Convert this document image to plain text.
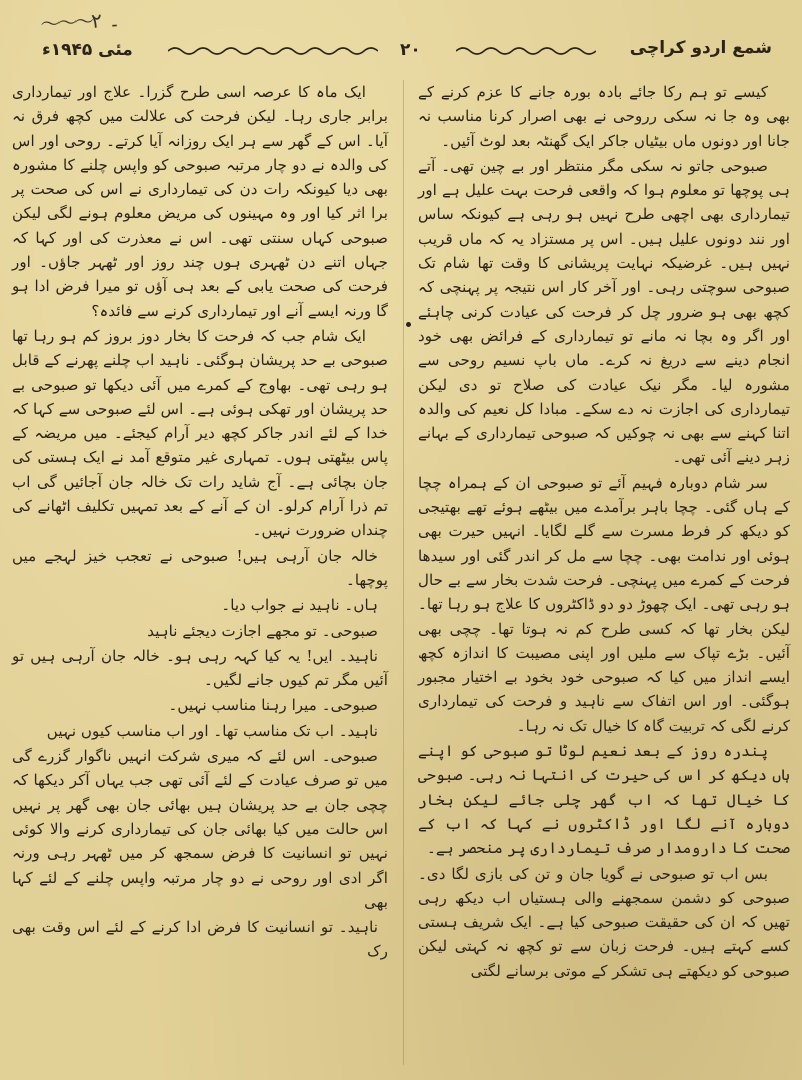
〜〜〜۔ ۲
مئی ۱۹۴۵ء	۲۰	شمع اردو کراچی

کیسے تو ہم رکا جائے بادہ بورہ جانے کا عزم کرنے کے بھی وہ جا نہ سکی رروحی نے بھی اصرار کرنا مناسب نہ جانا اور دونوں ماں بیٹیاں جاکر ایک گھنٹہ بعد لوٹ آئیں۔

صبوحی جاتو نہ سکی مگر منتظر اور بے چین تھی۔ آتے ہی پوچھا تو معلوم ہوا کہ واقعی فرحت بہت علیل ہے اور تیمارداری بھی اچھی طرح نہیں ہو رہی ہے کیونکہ ساس اور نند دونوں علیل ہیں۔ اس پر مستزاد یہ کہ ماں قریب نہیں ہیں۔ غرضیکہ نہایت پریشانی کا وقت تھا شام تک صبوحی سوچتی رہی۔ اور آخر کار اس نتیجہ پر پہنچی کہ کچھ بھی ہو ضرور چل کر فرحت کی عیادت کرنی چاہئے اور اگر وہ بچا نہ مانے تو تیمارداری کے فرائض بھی خود انجام دینے سے دریغ نہ کرے۔ ماں باپ نسیم روحی سے مشورہ لیا۔ مگر نیک عیادت کی صلاح تو دی لیکن تیمارداری کی اجازت نہ دے سکے۔ مبادا کل نعیم کی والدہ اتنا کہنے سے بھی نہ چوکیں کہ صبوحی تیمارداری کے بہانے زہر دینے آئی تھی۔

سر شام دوبارہ فہیم آئے تو صبوحی ان کے ہمراہ چچا کے ہاں گئی۔ چچا باہر برآمدے میں بیٹھے ہوئے تھے بھتیجی کو دیکھ کر فرط مسرت سے گلے لگایا۔ انہیں حیرت بھی ہوئی اور ندامت بھی۔ چچا سے مل کر اندر گئی اور سیدھا فرحت کے کمرے میں پہنچی۔ فرحت شدت بخار سے بے حال ہو رہی تھی۔ ایک چھوڑ دو دو ڈاکٹروں کا علاج ہو رہا تھا۔ لیکن بخار تھا کہ کسی طرح کم نہ ہوتا تھا۔ چچی بھی آئیں۔ بڑے تپاک سے ملیں اور اپنی مصیبت کا اندازہ کچھ ایسے انداز میں کیا کہ صبوحی خود بخود بے اختیار مجبور ہوگئی۔ اور اس اتفاک سے ناہید و فرحت کی تیمارداری کرنے لگی کہ تربیت گاہ کا خیال تک نہ رہا۔

پندرہ روز کے بعد نعیم لوٹا تو صبوحی کو اپنے ہاں دیکھ کر اس کی حیرت کی انتہا نہ رہی۔ صبوحی کا خیال تھا کہ اب گھر چلی جائے لیکن بخار دوبارہ آنے لگا اور ڈاکٹروں نے کہا کہ اب کے صحت کا دارومدار صرف تیمارداری پر منحصر ہے۔

بس اب تو صبوحی نے گویا جان و تن کی بازی لگا دی۔ صبوحی کو دشمن سمجھنے والی ہستیاں اب دیکھ رہی تھیں کہ ان کی حقیقت صبوحی کیا ہے۔ ایک شریف ہستی کسے کہتے ہیں۔ فرحت زبان سے تو کچھ نہ کہتی لیکن صبوحی کو دیکھتے ہی تشکر کے موتی برسانے لگتی

ایک ماہ کا عرصہ اسی طرح گزرا۔ علاج اور تیمارداری برابر جاری رہا۔ لیکن فرحت کی علالت میں کچھ فرق نہ آیا۔ اس کے گھر سے ہر ایک روزانہ آیا کرتے۔ روحی اور اس کی والدہ نے دو چار مرتبہ صبوحی کو واپس چلنے کا مشورہ بھی دیا کیونکہ رات دن کی تیمارداری نے اس کی صحت پر برا اثر کیا اور وہ مہینوں کی مریض معلوم ہونے لگی لیکن صبوحی کہاں سنتی تھی۔ اس نے معذرت کی اور کہا کہ جہاں اتنے دن ٹھہری ہوں چند روز اور ٹھہر جاؤں۔ اور فرحت کی صحت یابی کے بعد ہی آؤں تو میرا فرض ادا ہو گا ورنہ ایسے آنے اور تیمارداری کرنے سے فائدہ؟

ایک شام جب کہ فرحت کا بخار دوز بروز کم ہو رہا تھا صبوحی بے حد پریشان ہوگئی۔ ناہید اب چلنے پھرنے کے قابل ہو رہی تھی۔ بھاوج کے کمرے میں آئی دیکھا تو صبوحی بے حد پریشان اور تھکی ہوئی ہے۔ اس لئے صبوحی سے کہا کہ خدا کے لئے اندر جاکر کچھ دیر آرام کیجئے۔ میں مریضہ کے پاس بیٹھتی ہوں۔ تمہاری غیر متوقع آمد نے ایک ہستی کی جان بچائی ہے۔ آج شاید رات تک خالہ جان آجائیں گی اب تم ذرا آرام کرلو۔ ان کے آنے کے بعد تمہیں تکلیف اٹھانے کی چنداں ضرورت نہیں۔

خالہ جان آرہی ہیں! صبوحی نے تعجب خیز لہجے میں پوچھا۔

ہاں۔ ناہید نے جواب دیا۔

صبوحی۔ تو مجھے اجازت دیجئے ناہید

ناہید۔ ایں! یہ کیا کہہ رہی ہو۔ خالہ جان آرہی ہیں تو آئیں مگر تم کیوں جانے لگیں۔

صبوحی۔ میرا رہنا مناسب نہیں۔

ناہید۔ اب تک مناسب تھا۔ اور اب مناسب کیوں نہیں

صبوحی۔ اس لئے کہ میری شرکت انہیں ناگوار گزرے گی میں تو صرف عیادت کے لئے آئی تھی جب یہاں آکر دیکھا کہ چچی جان بے حد پریشان ہیں بھائی جان بھی گھر پر نہیں اس حالت میں کیا بھائی جان کی تیمارداری کرنے والا کوئی نہیں تو انسانیت کا فرض سمجھ کر میں ٹھہر رہی ورنہ اگر ادی اور روحی نے دو چار مرتبہ واپس چلنے کے لئے کہا بھی

ناہید۔ تو انسانیت کا فرض ادا کرنے کے لئے اس وقت بھی رک
